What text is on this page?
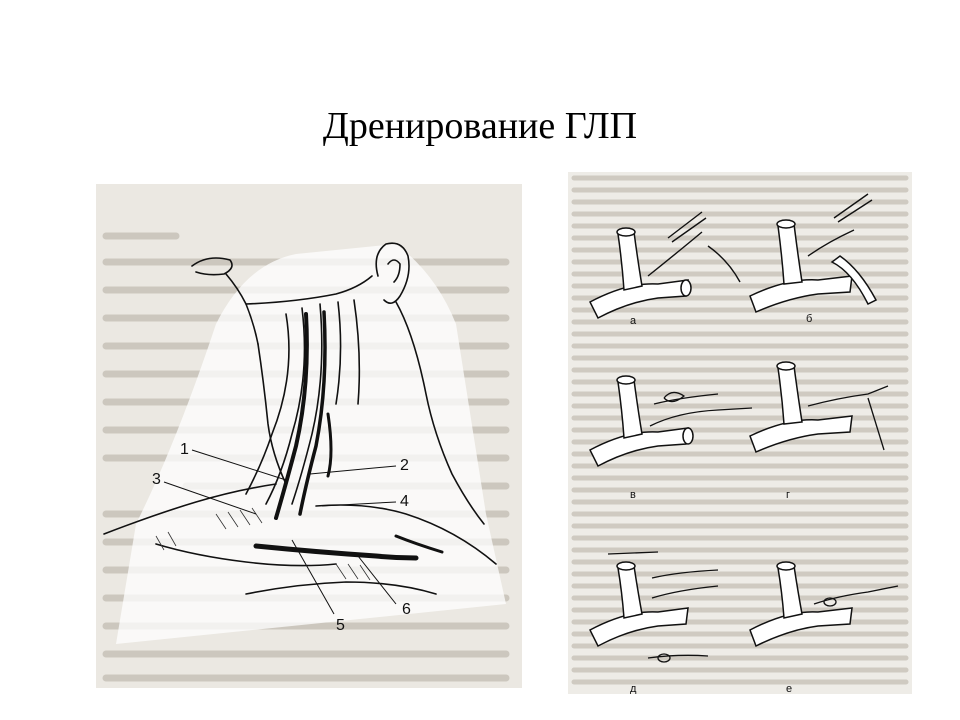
Дренирование ГЛП
1
2
3
4
5
6
а	б
в	г
д	е
